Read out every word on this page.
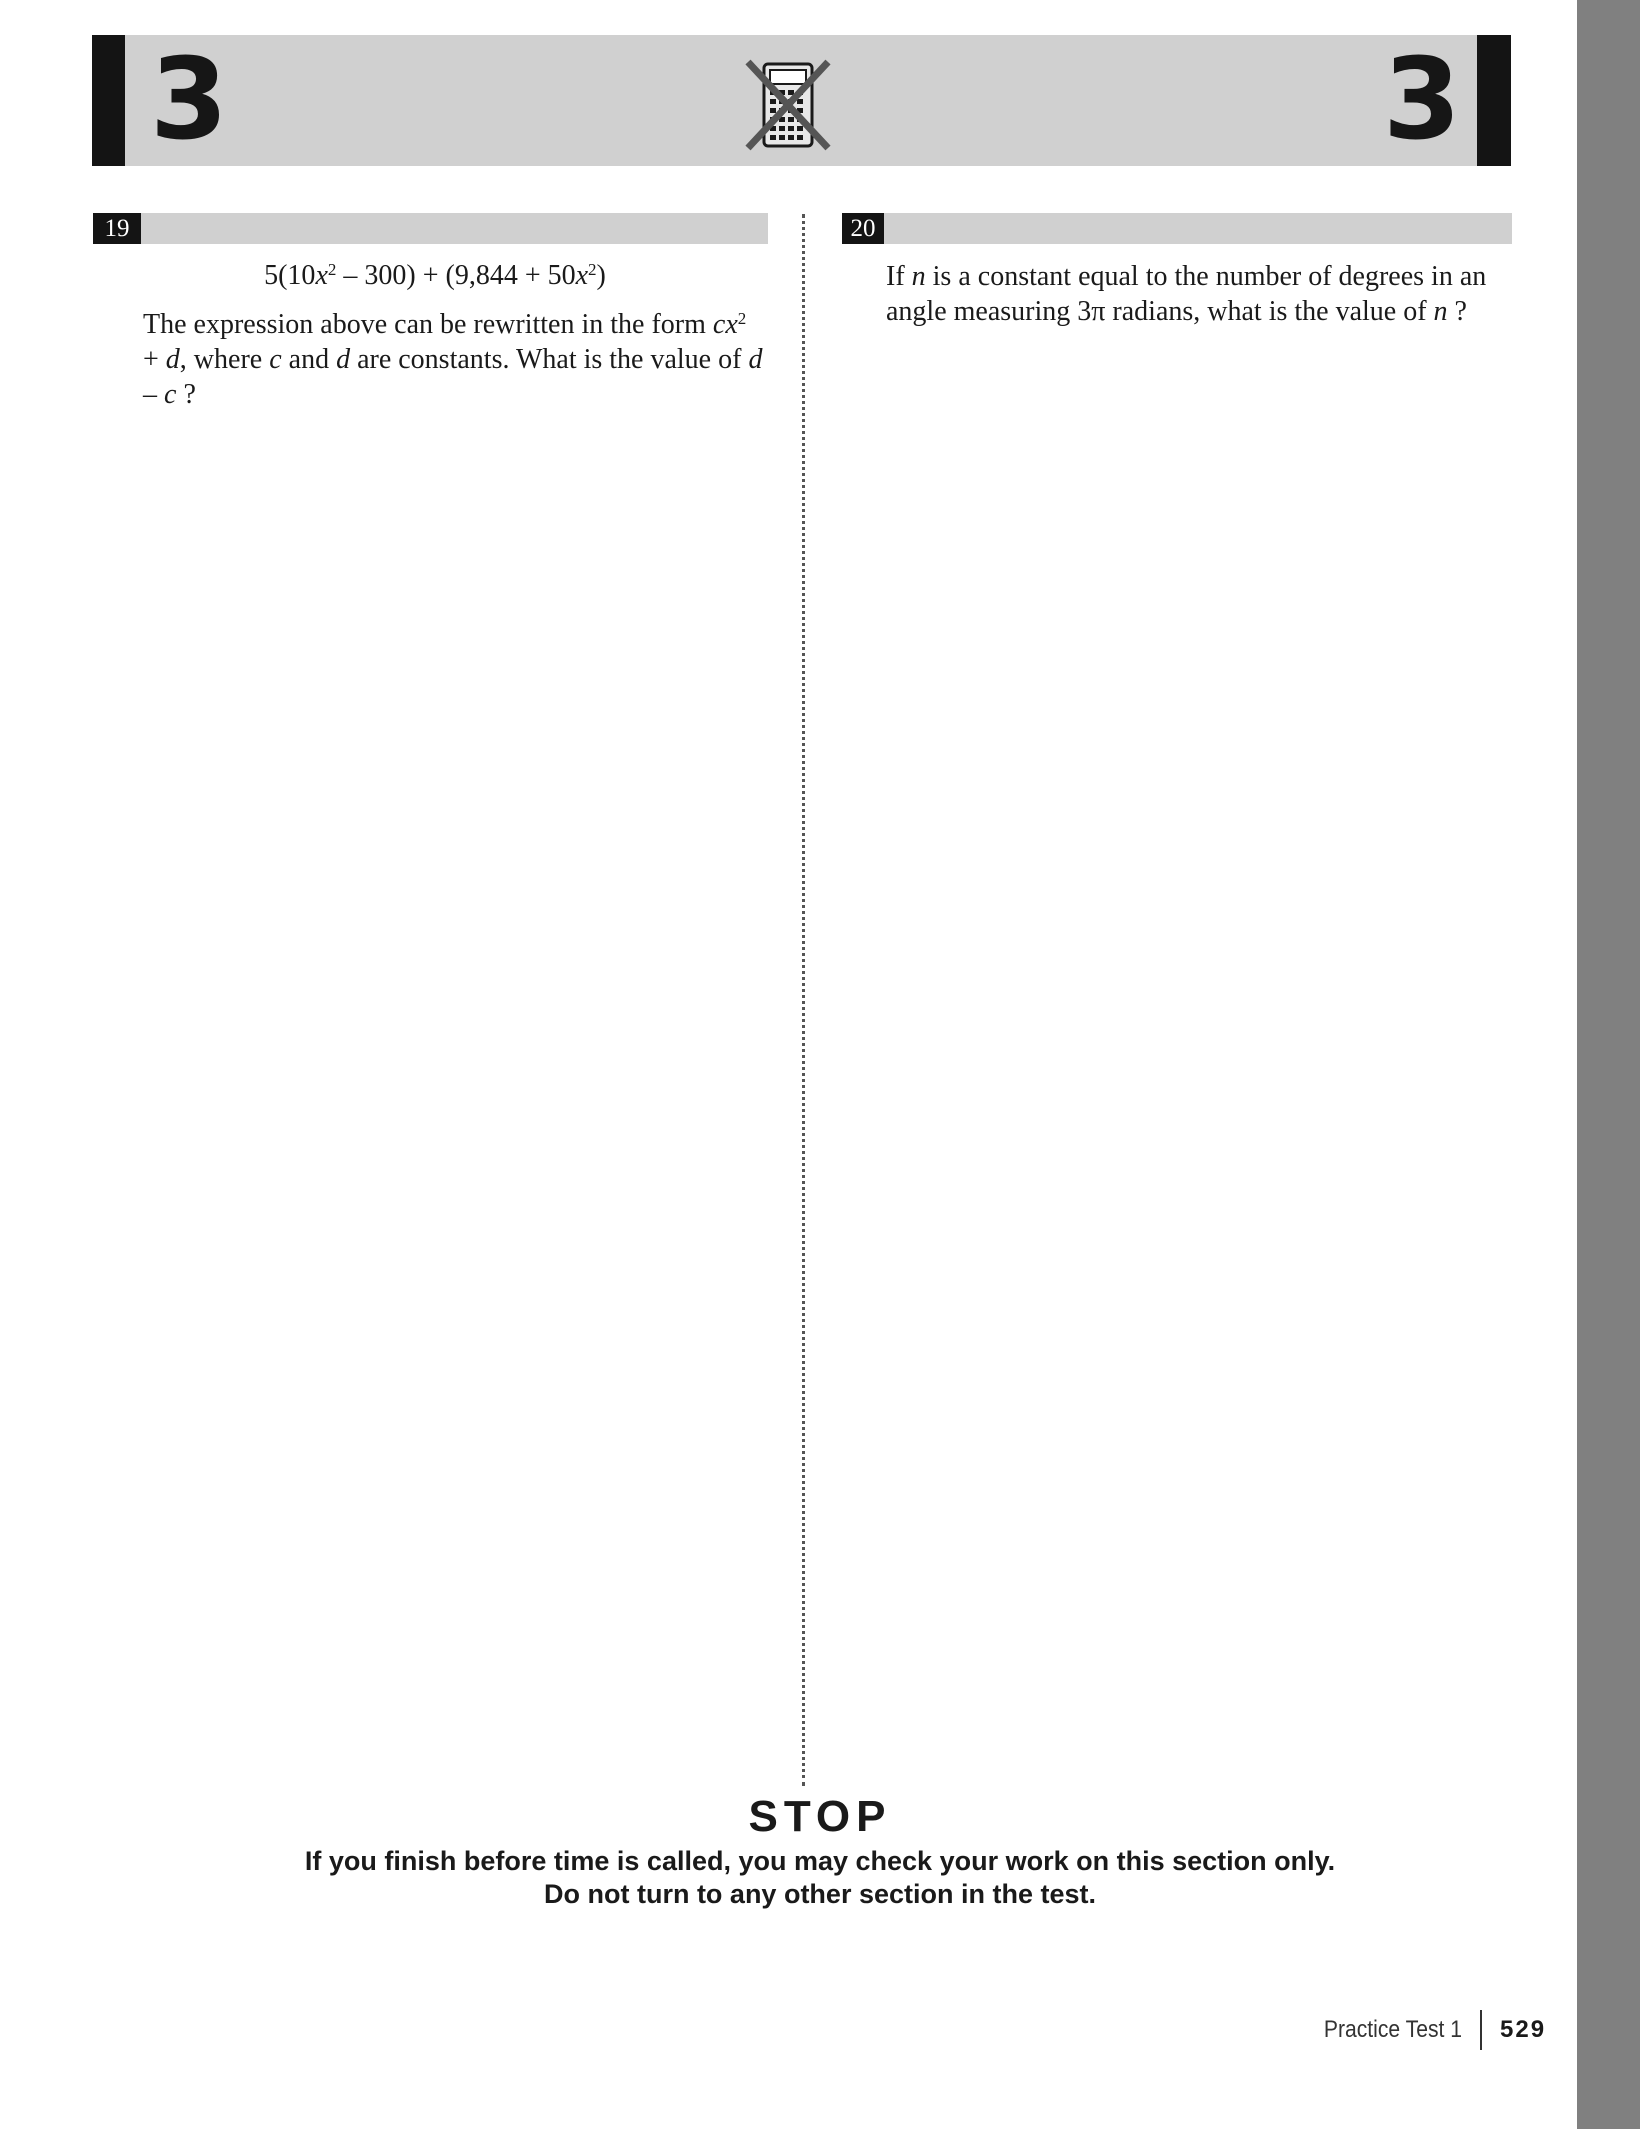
3	3
19	20
$5(10x^2 - 300) + (9,844 + 50x^2)$
The expression above can be rewritten in the form $cx^2 + d$, where c and d are constants. What is the value of d – c ?
If n is a constant equal to the number of degrees in an angle measuring 3π radians, what is the value of n ?
STOP
If you finish before time is called, you may check your work on this section only.
Do not turn to any other section in the test.
Practice Test 1 529
